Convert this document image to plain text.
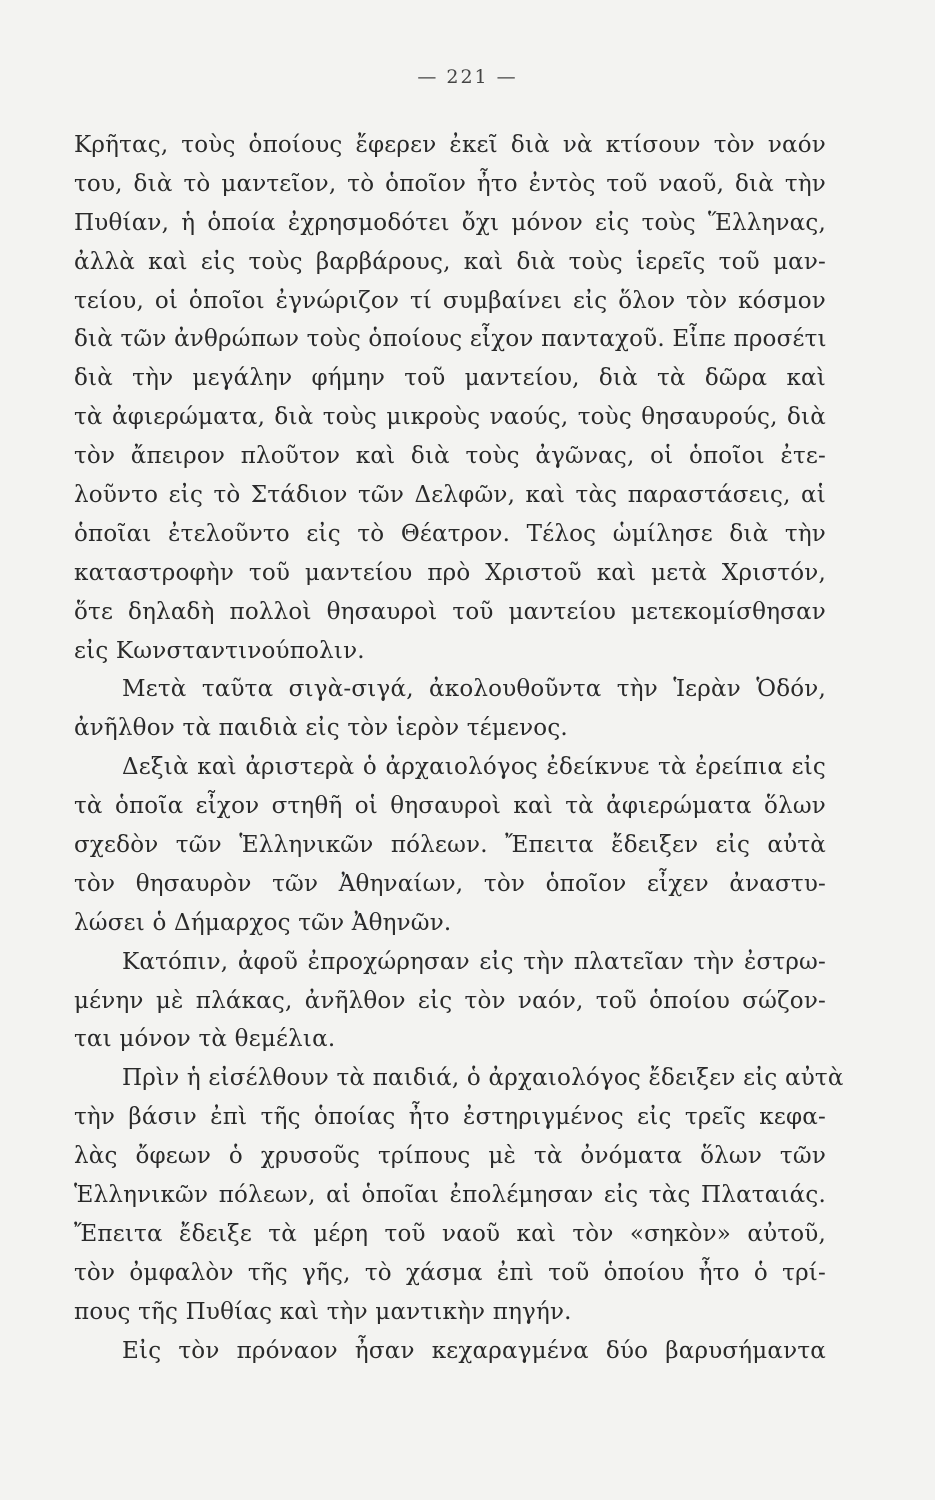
— 221 —
Κρῆτας, τοὺς ὁποίους ἔφερεν ἐκεῖ διὰ νὰ κτίσουν τὸν ναόν
του, διὰ τὸ μαντεῖον, τὸ ὁποῖον ἦτο ἐντὸς τοῦ ναοῦ, διὰ τὴν
Πυθίαν, ἡ ὁποία ἐχρησμοδότει ὄχι μόνον εἰς τοὺς Ἕλληνας,
ἀλλὰ καὶ εἰς τοὺς βαρβάρους, καὶ διὰ τοὺς ἱερεῖς τοῦ μαν-
τείου, οἱ ὁποῖοι ἐγνώριζον τί συμβαίνει εἰς ὅλον τὸν κόσμον
διὰ τῶν ἀνθρώπων τοὺς ὁποίους εἶχον πανταχοῦ. Εἶπε προσέτι
διὰ τὴν μεγάλην φήμην τοῦ μαντείου, διὰ τὰ δῶρα καὶ
τὰ ἀφιερώματα, διὰ τοὺς μικροὺς ναούς, τοὺς θησαυρούς, διὰ
τὸν ἄπειρον πλοῦτον καὶ διὰ τοὺς ἀγῶνας, οἱ ὁποῖοι ἐτε-
λοῦντο εἰς τὸ Στάδιον τῶν Δελφῶν, καὶ τὰς παραστάσεις, αἱ
ὁποῖαι ἐτελοῦντο εἰς τὸ Θέατρον. Τέλος ὡμίλησε διὰ τὴν
καταστροφὴν τοῦ μαντείου πρὸ Χριστοῦ καὶ μετὰ Χριστόν,
ὅτε δηλαδὴ πολλοὶ θησαυροὶ τοῦ μαντείου μετεκομίσθησαν
εἰς Κωνσταντινούπολιν.
Μετὰ ταῦτα σιγὰ-σιγά, ἀκολουθοῦντα τὴν Ἱερὰν Ὁδόν,
ἀνῆλθον τὰ παιδιὰ εἰς τὸν ἱερὸν τέμενος.
Δεξιὰ καὶ ἀριστερὰ ὁ ἀρχαιολόγος ἐδείκνυε τὰ ἐρείπια εἰς
τὰ ὁποῖα εἶχον στηθῆ οἱ θησαυροὶ καὶ τὰ ἀφιερώματα ὅλων
σχεδὸν τῶν Ἑλληνικῶν πόλεων. Ἔπειτα ἔδειξεν εἰς αὐτὰ
τὸν θησαυρὸν τῶν Ἀθηναίων, τὸν ὁποῖον εἶχεν ἀναστυ-
λώσει ὁ Δήμαρχος τῶν Ἀθηνῶν.
Κατόπιν, ἀφοῦ ἐπροχώρησαν εἰς τὴν πλατεῖαν τὴν ἐστρω-
μένην μὲ πλάκας, ἀνῆλθον εἰς τὸν ναόν, τοῦ ὁποίου σώζον-
ται μόνον τὰ θεμέλια.
Πρὶν ἡ εἰσέλθουν τὰ παιδιά, ὁ ἀρχαιολόγος ἔδειξεν εἰς αὐτὰ
τὴν βάσιν ἐπὶ τῆς ὁποίας ἦτο ἐστηριγμένος εἰς τρεῖς κεφα-
λὰς ὄφεων ὁ χρυσοῦς τρίπους μὲ τὰ ὀνόματα ὅλων τῶν
Ἑλληνικῶν πόλεων, αἱ ὁποῖαι ἐπολέμησαν εἰς τὰς Πλαταιάς.
Ἔπειτα ἔδειξε τὰ μέρη τοῦ ναοῦ καὶ τὸν «σηκὸν» αὐτοῦ,
τὸν ὀμφαλὸν τῆς γῆς, τὸ χάσμα ἐπὶ τοῦ ὁποίου ἦτο ὁ τρί-
πους τῆς Πυθίας καὶ τὴν μαντικὴν πηγήν.
Εἰς τὸν πρόναον ἦσαν κεχαραγμένα δύο βαρυσήμαντα
